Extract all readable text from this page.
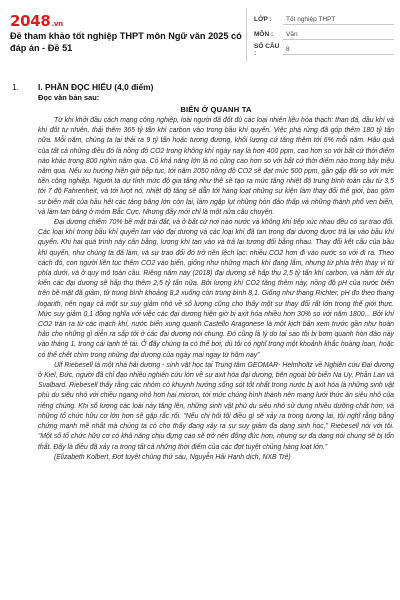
2048.vn
Đề tham khảo tốt nghiệp THPT môn Ngữ văn 2025 có đáp án - Đề 51
LỚP :	Tốt nghiệp THPT
MÔN :	Văn
SỐ CÂU :
8
1.	I. PHẦN ĐỌC HIỂU (4,0 điểm)
Đọc văn bản sau:
BIỂN Ở QUANH TA

Từ khi khởi đầu cách mạng công nghiệp, loài người đã đốt đủ các loại nhiên liệu hóa thạch: than đá, dầu khí và khí đốt tự nhiên, thải thêm 365 tỷ tấn khí carbon vào trong bầu khí quyển. Việc phá rừng đã góp thêm 180 tỷ tấn nữa. Mỗi năm, chúng ta lại thải ra 9 tỷ tấn hoặc tương đương, khối lượng cứ tăng thêm tới 6% mỗi năm. Hậu quả của tất cả những điều đó là nồng độ CO2 trong không khí ngày nay là hơn 400 ppm, cao hơn so với bất cứ thời điểm nào khác trong 800 nghìn năm qua. Có khả năng lớn là nó cũng cao hơn so với bất cứ thời điểm nào trong bảy triệu năm qua. Nếu xu hướng hiện giờ tiếp tục, tới năm 2050 nồng độ CO2 sẽ đạt mức 500 ppm, gần gấp đôi so với mức tiền công nghiệp. Người ta dự tính mức độ gia tăng như thế sẽ tạo ra mức tăng nhiệt độ trung bình toàn cầu từ 3,5 tới 7 độ Fahrenheit, và tới lượt nó, nhiệt độ tăng sẽ dẫn tới hàng loạt những sự kiện làm thay đổi thế giới, bao gồm sự biến mất của hầu hết các tảng băng lớn còn lại, làm ngập lụt những hòn đảo thấp và những thành phố ven biển, và làm tan băng ở mỏm Bắc Cực. Nhưng đấy mới chỉ là một nửa câu chuyện.

Đại dương chiếm 70% bề mặt trái đất, và ở bất cứ nơi nào nước và không khí tiếp xúc nhau đều có sự trao đổi. Các loại khí trong bầu khí quyển tan vào đại dương và các loại khí đã tan trong đại dương được trả lại vào bầu khí quyển. Khi hai quá trình này cân bằng, lượng khí tan vào và trả lại tương đối bằng nhau. Thay đổi kết cấu của bầu khí quyển, như chúng ta đã làm, và sự trao đổi đó trở nên lệch lạc: nhiều CO2 hơn đi vào nước so với đi ra. Theo cách đó, con người liên tục thêm CO2 vào biển, giống như những mạch khí đang lắm, nhưng từ phía trên thay vì từ phía dưới, và ở quy mô toàn cầu. Riêng năm nay (2018) đại dương sẽ hấp thụ 2,5 tỷ tấn khí carbon, và năm tới dự kiến các đại dương sẽ hấp thụ thêm 2,5 tỷ tấn nữa. Bởi lượng khí CO2 tăng thêm này, nồng độ pH của nước biển trên bề mặt đã giảm, từ trung bình khoảng 8,2 xuống còn trung bình 8,1. Giống như thang Richter, pH đo theo thang logarith, nên ngay cả một sự suy giảm nhỏ về số lượng cũng cho thấy một sự thay đổi rất lớn trong thế giới thực. Mức suy giảm 0,1 đồng nghĩa với việc các đại dương hiện giờ bị axit hóa nhiều hơn 30% so với năm 1800... Bởi khí CO2 tràn ra từ các mạch khí, nước biển xung quanh Castello Aragonese là một kịch bản xem trước gần như hoàn hảo cho những gì diễn ra sắp tới ở các đại dương nói chung. Đó cũng là lý do tại sao tôi bị bơm quanh hòn đảo này vào tháng 1, trong cái lạnh tê tái. Ở đây chúng ta có thể bơi, dù tôi có nghĩ trong một khoảnh khắc hoàng loạn, hoặc có thể chết chìm trong những đại dương của ngày mai ngay từ hôm nay”

Ulf Riebesell là một nhà hải dương - sinh vật học tại Trung tâm GEOMAR- Helmholtz về Nghiên cứu Đại dương ở Kiel, Đức, người đã chỉ đạo nhiều nghiên cứu lớn về sự axit hóa đại dương, bên ngoài bờ biển Na Uy, Phần Lan và Svalbard. Riebesell thấy rằng các nhóm có khuynh hướng sống sót tốt nhất trong nước bị axit hóa là những sinh vật phù du siêu nhỏ với chiều ngang nhỏ hơn hai micron, tới mức chúng hình thành nên mạng lưới thức ăn siêu nhỏ của riêng chúng. Khi số lượng các loài này tăng lên, những sinh vật phù du siêu nhỏ sử dụng nhiều dưỡng chất hơn, và những tổ chức hữu cơ lớn hơn sẽ gặp rắc rối. “Nếu chị hỏi tôi điều gì sẽ xảy ra trong tương lai, tôi nghĩ rằng bằng chứng mạnh mẽ nhất mà chúng ta có cho thấy đang xảy ra sự suy giảm đa dạng sinh học,” Riebesell nói với tôi. “Một số tổ chức hữu cơ có khả năng chịu đựng cao sẽ trở nên đông đúc hơn, nhưng sự đa dạng nói chung sẽ bị tổn thất. Đây là điều đã xảy ra trong tất cả những thời điểm của các đợt tuyệt chủng hàng loạt lớn.”

(Elizabeth Kolbert, Đợt tuyệt chủng thứ sáu, Nguyễn Hải Hạnh dịch, NXB Trẻ)
